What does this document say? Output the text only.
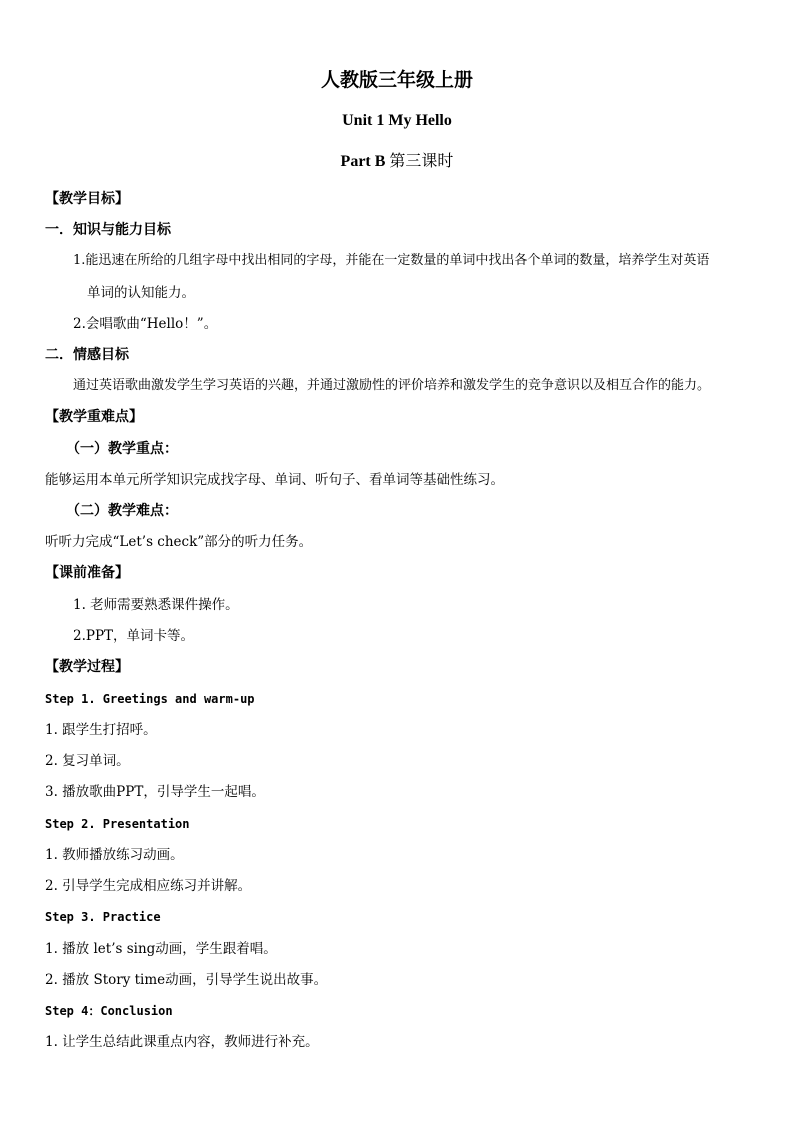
人教版三年级上册
Unit 1 My Hello
Part B 第三课时
【教学目标】
一．知识与能力目标
1.能迅速在所给的几组字母中找出相同的字母，并能在一定数量的单词中找出各个单词的数量，培养学生对英语
单词的认知能力。
2.会唱歌曲“Hello！”。
二．情感目标
通过英语歌曲激发学生学习英语的兴趣，并通过激励性的评价培养和激发学生的竞争意识以及相互合作的能力。
【教学重难点】
（一）教学重点：
能够运用本单元所学知识完成找字母、单词、听句子、看单词等基础性练习。
（二）教学难点：
听听力完成“Let’s check”部分的听力任务。
【课前准备】
1. 老师需要熟悉课件操作。
2.PPT，单词卡等。
【教学过程】
Step 1. Greetings and warm-up
1. 跟学生打招呼。
2. 复习单词。
3. 播放歌曲PPT，引导学生一起唱。
Step 2. Presentation
1. 教师播放练习动画。
2. 引导学生完成相应练习并讲解。
Step 3. Practice
1. 播放 let’s sing动画，学生跟着唱。
2. 播放 Story time动画，引导学生说出故事。
Step 4：Conclusion
1. 让学生总结此课重点内容，教师进行补充。
